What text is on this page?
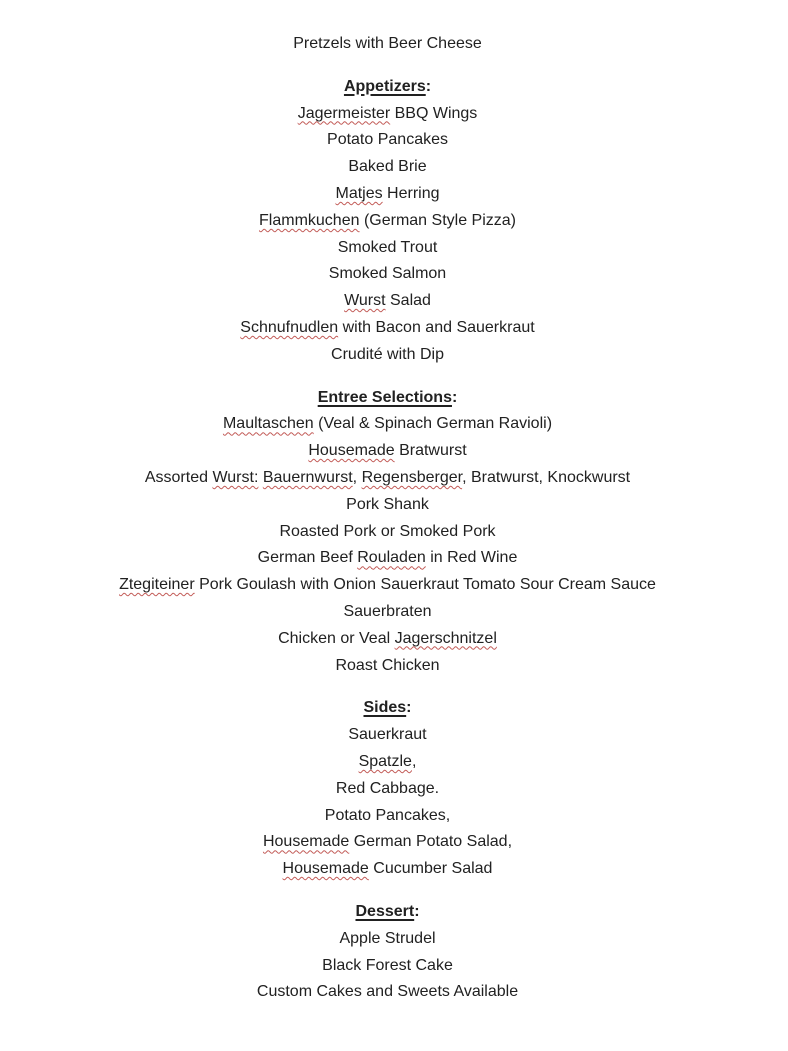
Pretzels with Beer Cheese

Appetizers:

Jagermeister BBQ Wings

Potato Pancakes

Baked Brie

Matjes Herring

Flammkuchen (German Style Pizza)

Smoked Trout

Smoked Salmon

Wurst Salad

Schnufnudlen with Bacon and Sauerkraut

Crudité with Dip

Entree Selections:

Maultaschen (Veal & Spinach German Ravioli)

Housemade Bratwurst

Assorted Wurst: Bauernwurst, Regensberger, Bratwurst, Knockwurst

Pork Shank

Roasted Pork or Smoked Pork

German Beef Rouladen in Red Wine

Ztegiteiner Pork Goulash with Onion Sauerkraut Tomato Sour Cream Sauce

Sauerbraten

Chicken or Veal Jagerschnitzel

Roast Chicken

Sides:

Sauerkraut

Spatzle,

Red Cabbage.

Potato Pancakes,

Housemade German Potato Salad,

Housemade Cucumber Salad

Dessert:

Apple Strudel

Black Forest Cake

Custom Cakes and Sweets Available
